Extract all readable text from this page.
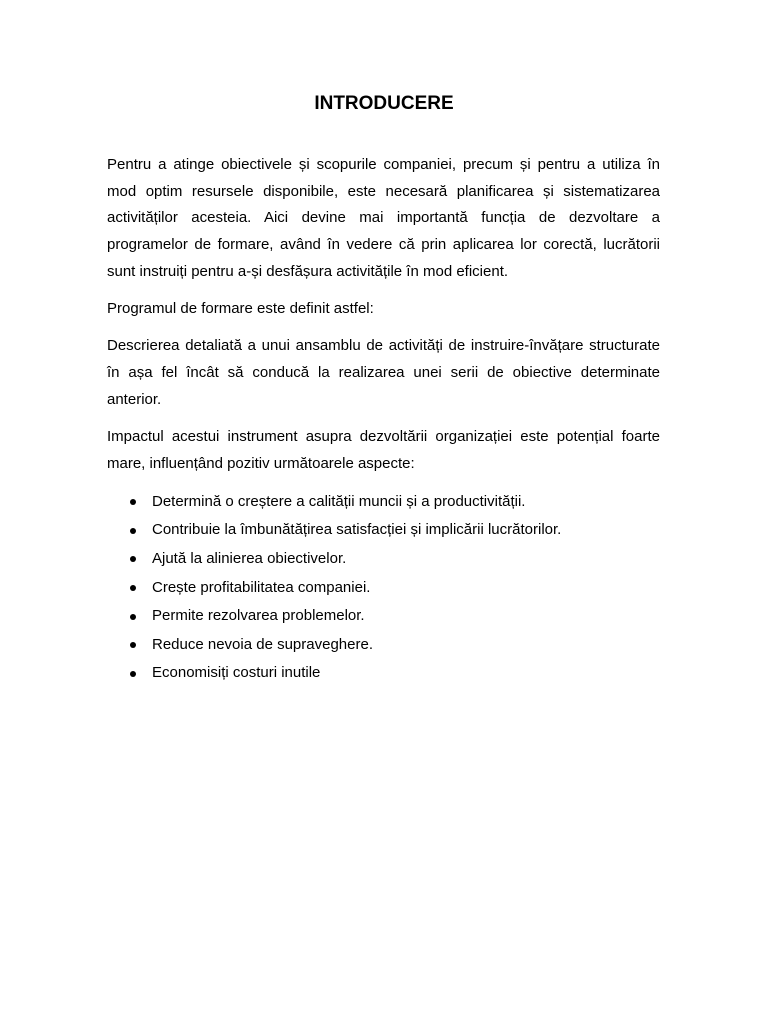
INTRODUCERE

Pentru a atinge obiectivele și scopurile companiei, precum și pentru a utiliza în mod optim resursele disponibile, este necesară planificarea și sistematizarea activităților acesteia. Aici devine mai importantă funcția de dezvoltare a programelor de formare, având în vedere că prin aplicarea lor corectă, lucrătorii sunt instruiți pentru a-și desfășura activitățile în mod eficient.

Programul de formare este definit astfel:

Descrierea detaliată a unui ansamblu de activități de instruire-învățare structurate în așa fel încât să conducă la realizarea unei serii de obiective determinate anterior.

Impactul acestui instrument asupra dezvoltării organizației este potențial foarte mare, influențând pozitiv următoarele aspecte:

Determină o creștere a calității muncii și a productivității.
Contribuie la îmbunătățirea satisfacției și implicării lucrătorilor.
Ajută la alinierea obiectivelor.
Crește profitabilitatea companiei.
Permite rezolvarea problemelor.
Reduce nevoia de supraveghere.
Economisiți costuri inutile
